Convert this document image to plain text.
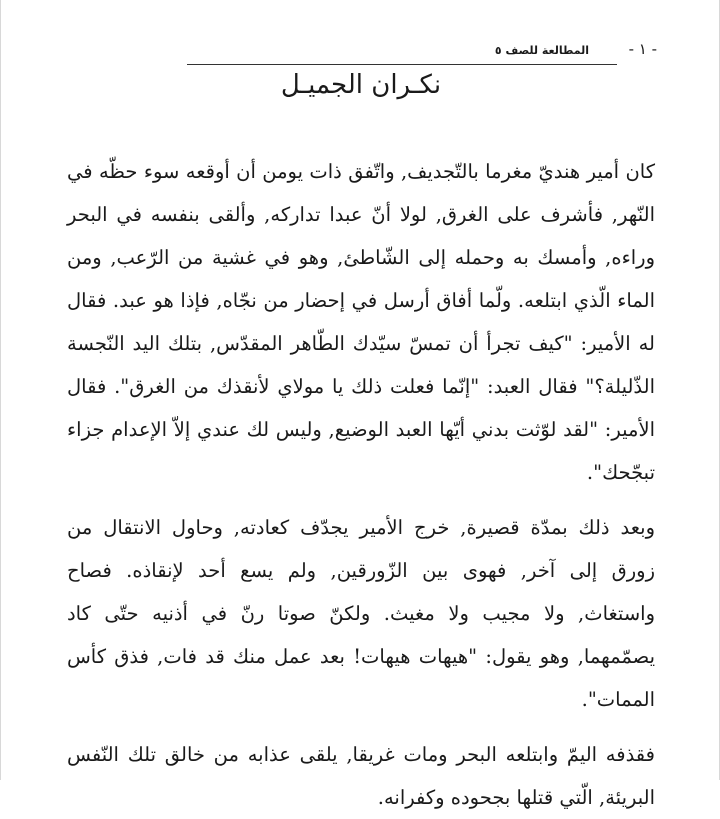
- ١ -
المطالعة للصف ٥
نكـران الجميـل

كان أمير هنديّ مغرما بالتّجديف, واتّفق ذات يومن أن أوقعه سوء حظّه في النّهر, فأشرف على الغرق, لولا أنّ عبدا تداركه, وألقى بنفسه في البحر وراءه, وأمسك به وحمله إلى الشّاطئ, وهو في غشية من الرّعب, ومن الماء الّذي ابتلعه. ولّما أفاق أرسل في إحضار من نجّاه, فإذا هو عبد. فقال له الأمير: "كيف تجرأ أن تمسّ سيّدك الطّاهر المقدّس, بتلك اليد النّجسة الذّليلة؟" فقال العبد: "إنّما فعلت ذلك يا مولاي لأنقذك من الغرق". فقال الأمير: "لقد لوّثت بدني أيّها العبد الوضيع, وليس لك عندي إلاّ الإعدام جزاء تبجّحك".

وبعد ذلك بمدّة قصيرة, خرج الأمير يجدّف كعادته, وحاول الانتقال من زورق إلى آخر, فهوى بين الزّورقين, ولم يسع أحد لإنقاذه. فصاح واستغاث, ولا مجيب ولا مغيث. ولكنّ صوتا رنّ في أذنيه حتّى كاد يصمّمهما, وهو يقول: "هيهات هيهات! بعد عمل منك قد فات, فذق كأس الممات".

فقذفه اليمّ وابتلعه البحر ومات غريقا, يلقى عذابه من خالق تلك النّفس البريئة, الّتي قتلها بجحوده وكفرانه.
